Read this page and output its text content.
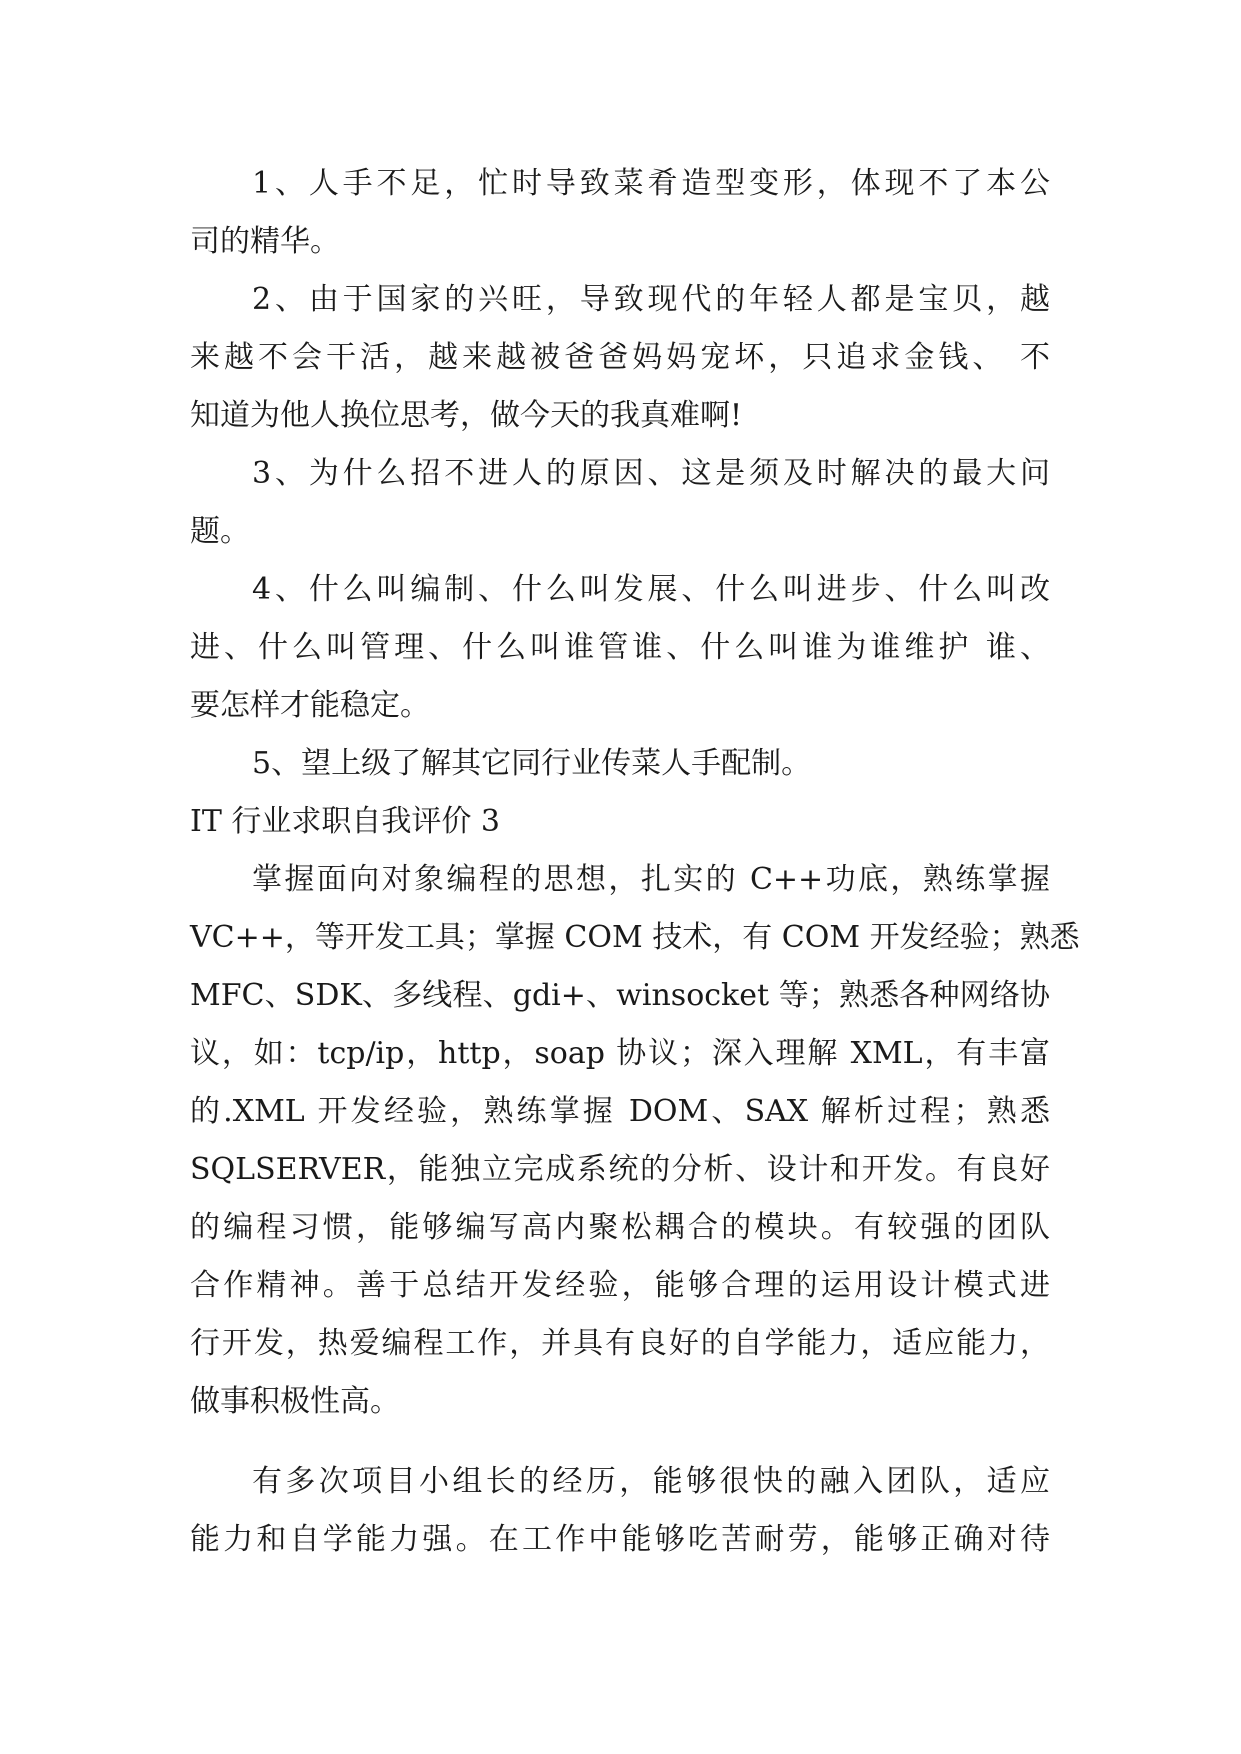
1、人手不足，忙时导致菜肴造型变形，体现不了本公
司的精华。
2、由于国家的兴旺，导致现代的年轻人都是宝贝，越
来越不会干活，越来越被爸爸妈妈宠坏，只追求金钱、 不
知道为他人换位思考，做今天的我真难啊!
3、为什么招不进人的原因、这是须及时解决的最大问
题。
4、什么叫编制、什么叫发展、什么叫进步、什么叫改
进、什么叫管理、什么叫谁管谁、什么叫谁为谁维护 谁、
要怎样才能稳定。
5、望上级了解其它同行业传菜人手配制。
IT 行业求职自我评价 3
掌握面向对象编程的思想，扎实的 C++功底，熟练掌握
VC++，等开发工具；掌握 COM 技术，有 COM 开发经验；熟悉
MFC、SDK、多线程、gdi+、winsocket 等；熟悉各种网络协
议，如：tcp/ip，http，soap 协议；深入理解 XML，有丰富
的.XML 开发经验，熟练掌握 DOM、SAX 解析过程；熟悉
SQLSERVER，能独立完成系统的分析、设计和开发。有良好
的编程习惯，能够编写高内聚松耦合的模块。有较强的团队
合作精神。善于总结开发经验，能够合理的运用设计模式进
行开发，热爱编程工作，并具有良好的自学能力，适应能力，
做事积极性高。
有多次项目小组长的经历，能够很快的融入团队，适应
能力和自学能力强。在工作中能够吃苦耐劳，能够正确对待
